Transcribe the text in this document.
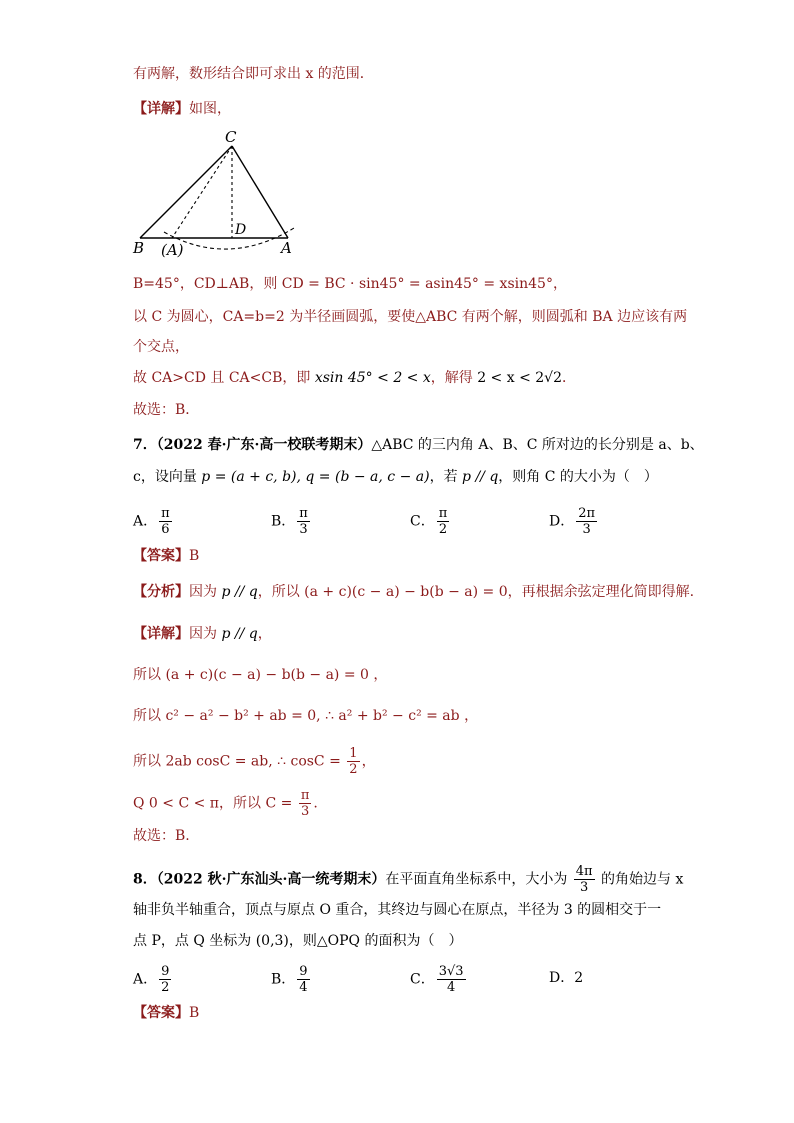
有两解，数形结合即可求出 x 的范围．
【详解】如图，
C
D
B (A)	A
B=45°，CD⊥AB，则 CD = BC · sin45° = asin45° = xsin45°，
以 C 为圆心，CA=b=2 为半径画圆弧，要使△ABC 有两个解，则圆弧和 BA 边应该有两
个交点，
故 CA>CD 且 CA<CB，即 xsin 45° < 2 < x，解得 2 < x < 2√2．
故选：B．
7．（2022 春·广东·高一校联考期末）△ABC 的三内角 A、B、C 所对边的长分别是 a、b、
c，设向量 p = (a + c, b), q = (b − a, c − a)，若 p // q，则角 C 的大小为（　）
A． $\frac{\pi}{6}$	B． $\frac{\pi}{3}$	C． $\frac{\pi}{2}$	D． $\frac{2\pi}{3}$
【答案】B
【分析】因为 p // q，所以 (a + c)(c − a) − b(b − a) = 0，再根据余弦定理化简即得解.
【详解】因为 p // q，
所以 (a + c)(c − a) − b(b − a) = 0 ，
所以 c² − a² − b² + ab = 0, ∴ a² + b² − c² = ab ，
所以 2ab cosC = ab, ∴ $\cos C = \frac{1}{2}$ ，
Q 0 < C < π，所以 $C = \frac{\pi}{3}$ .
故选：B.
8．（2022 秋·广东汕头·高一统考期末）在平面直角坐标系中，大小为 $\frac{4\pi}{3}$ 的角始边与 x
轴非负半轴重合，顶点与原点 O 重合，其终边与圆心在原点，半径为 3 的圆相交于一
点 P，点 Q 坐标为 (0,3)，则△OPQ 的面积为（　）
A． $\frac{9}{2}$	B． $\frac{9}{4}$	C． $\frac{3√3}{4}$	D．2
【答案】B
